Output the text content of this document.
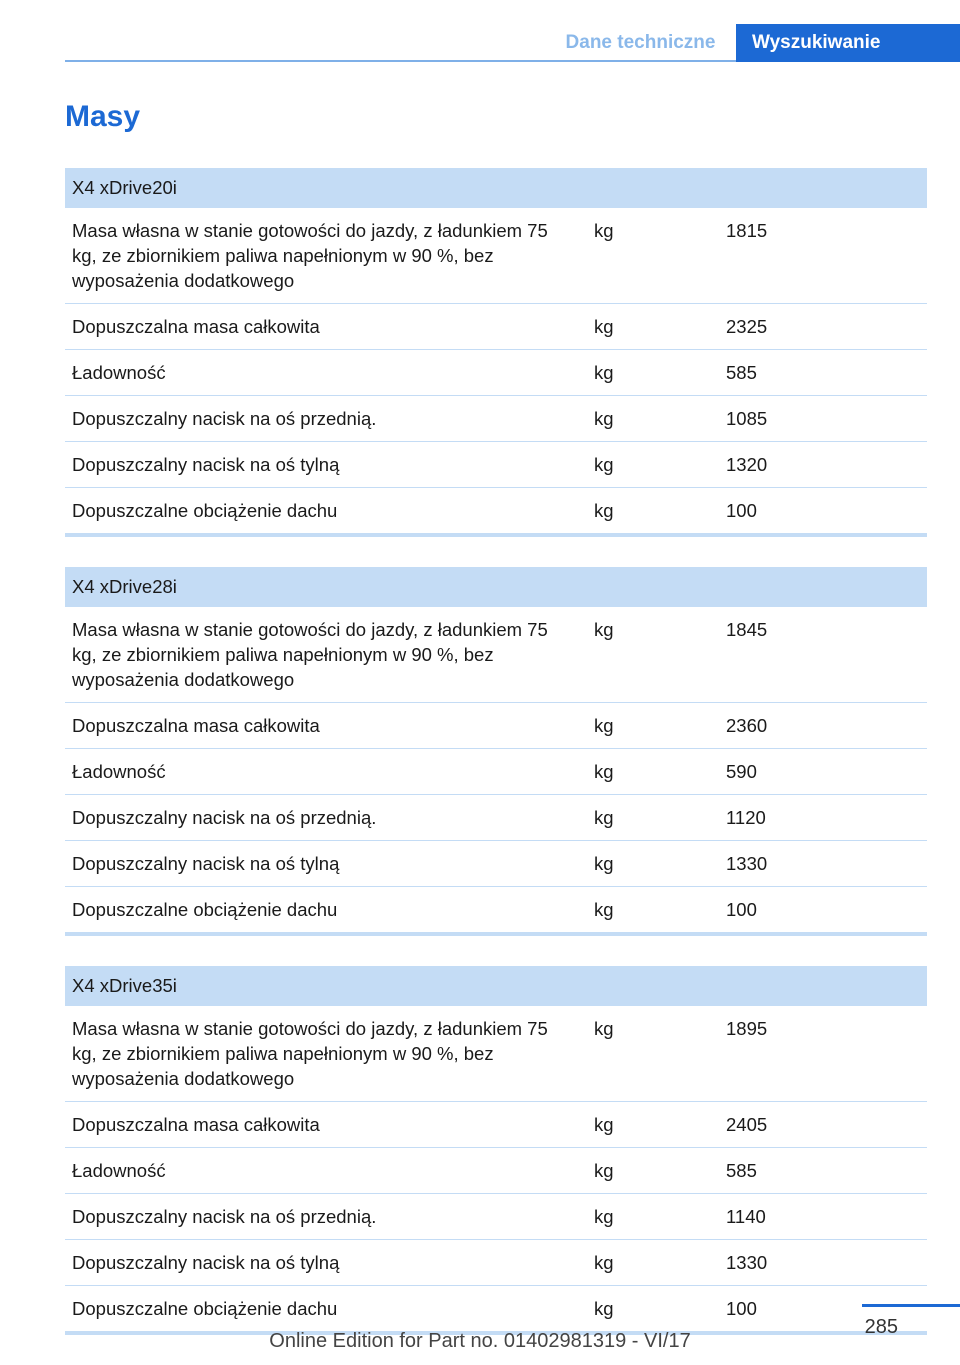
Dane techniczne	Wyszukiwanie
Masy
X4 xDrive20i		
Masa własna w stanie gotowości do jazdy, z ładunkiem 75 kg, ze zbiornikiem paliwa napełnionym w 90 %, bez wyposażenia dodatkowego	kg	1815
Dopuszczalna masa całkowita	kg	2325
Ładowność	kg	585
Dopuszczalny nacisk na oś przednią.	kg	1085
Dopuszczalny nacisk na oś tylną	kg	1320
Dopuszczalne obciążenie dachu	kg	100
X4 xDrive28i		
Masa własna w stanie gotowości do jazdy, z ładunkiem 75 kg, ze zbiornikiem paliwa napełnionym w 90 %, bez wyposażenia dodatkowego	kg	1845
Dopuszczalna masa całkowita	kg	2360
Ładowność	kg	590
Dopuszczalny nacisk na oś przednią.	kg	1120
Dopuszczalny nacisk na oś tylną	kg	1330
Dopuszczalne obciążenie dachu	kg	100
X4 xDrive35i		
Masa własna w stanie gotowości do jazdy, z ładunkiem 75 kg, ze zbiornikiem paliwa napełnionym w 90 %, bez wyposażenia dodatkowego	kg	1895
Dopuszczalna masa całkowita	kg	2405
Ładowność	kg	585
Dopuszczalny nacisk na oś przednią.	kg	1140
Dopuszczalny nacisk na oś tylną	kg	1330
Dopuszczalne obciążenie dachu	kg	100
285
Online Edition for Part no. 01402981319 - VI/17
